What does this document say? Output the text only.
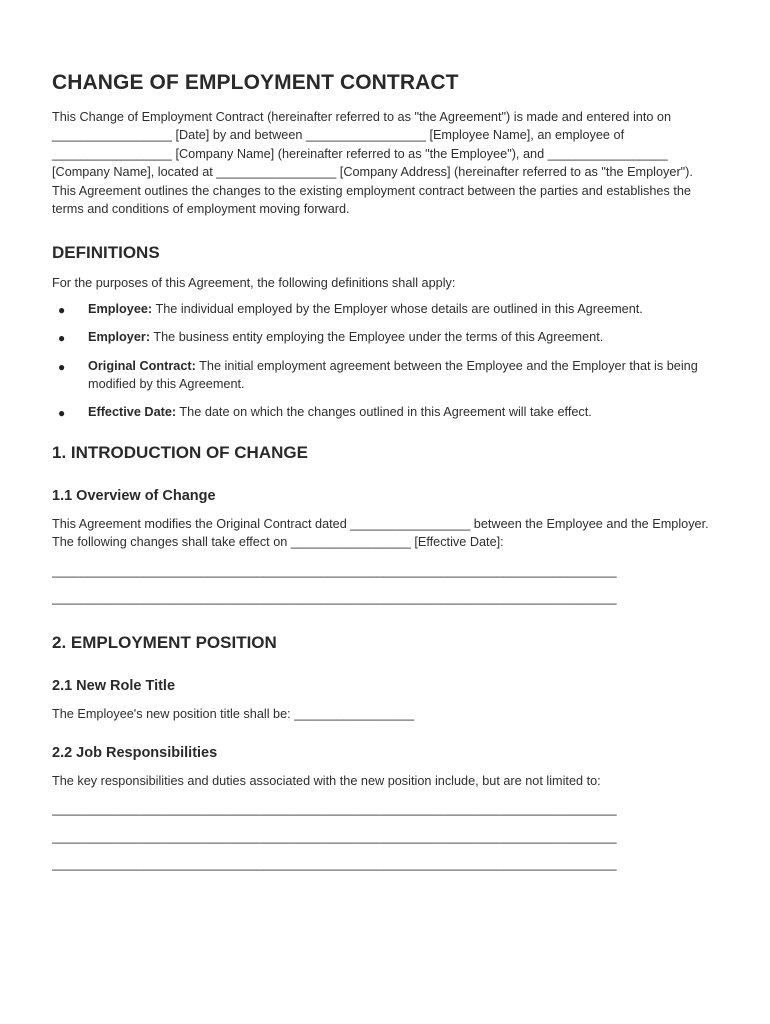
CHANGE OF EMPLOYMENT CONTRACT

This Change of Employment Contract (hereinafter referred to as "the Agreement") is made and entered into on _________________ [Date] by and between _________________ [Employee Name], an employee of _________________ [Company Name] (hereinafter referred to as "the Employee"), and _________________ [Company Name], located at _________________ [Company Address] (hereinafter referred to as "the Employer"). This Agreement outlines the changes to the existing employment contract between the parties and establishes the terms and conditions of employment moving forward.

DEFINITIONS

For the purposes of this Agreement, the following definitions shall apply:

● Employee: The individual employed by the Employer whose details are outlined in this Agreement.
● Employer: The business entity employing the Employee under the terms of this Agreement.
● Original Contract: The initial employment agreement between the Employee and the Employer that is being modified by this Agreement.
● Effective Date: The date on which the changes outlined in this Agreement will take effect.
1. INTRODUCTION OF CHANGE
1.1 Overview of Change

This Agreement modifies the Original Contract dated _________________ between the Employee and the Employer. The following changes shall take effect on _________________ [Effective Date]:

________________________________________________________________________________
________________________________________________________________________________
2. EMPLOYMENT POSITION
2.1 New Role Title

The Employee's new position title shall be: _________________

2.2 Job Responsibilities

The key responsibilities and duties associated with the new position include, but are not limited to:

________________________________________________________________________________
________________________________________________________________________________
________________________________________________________________________________
